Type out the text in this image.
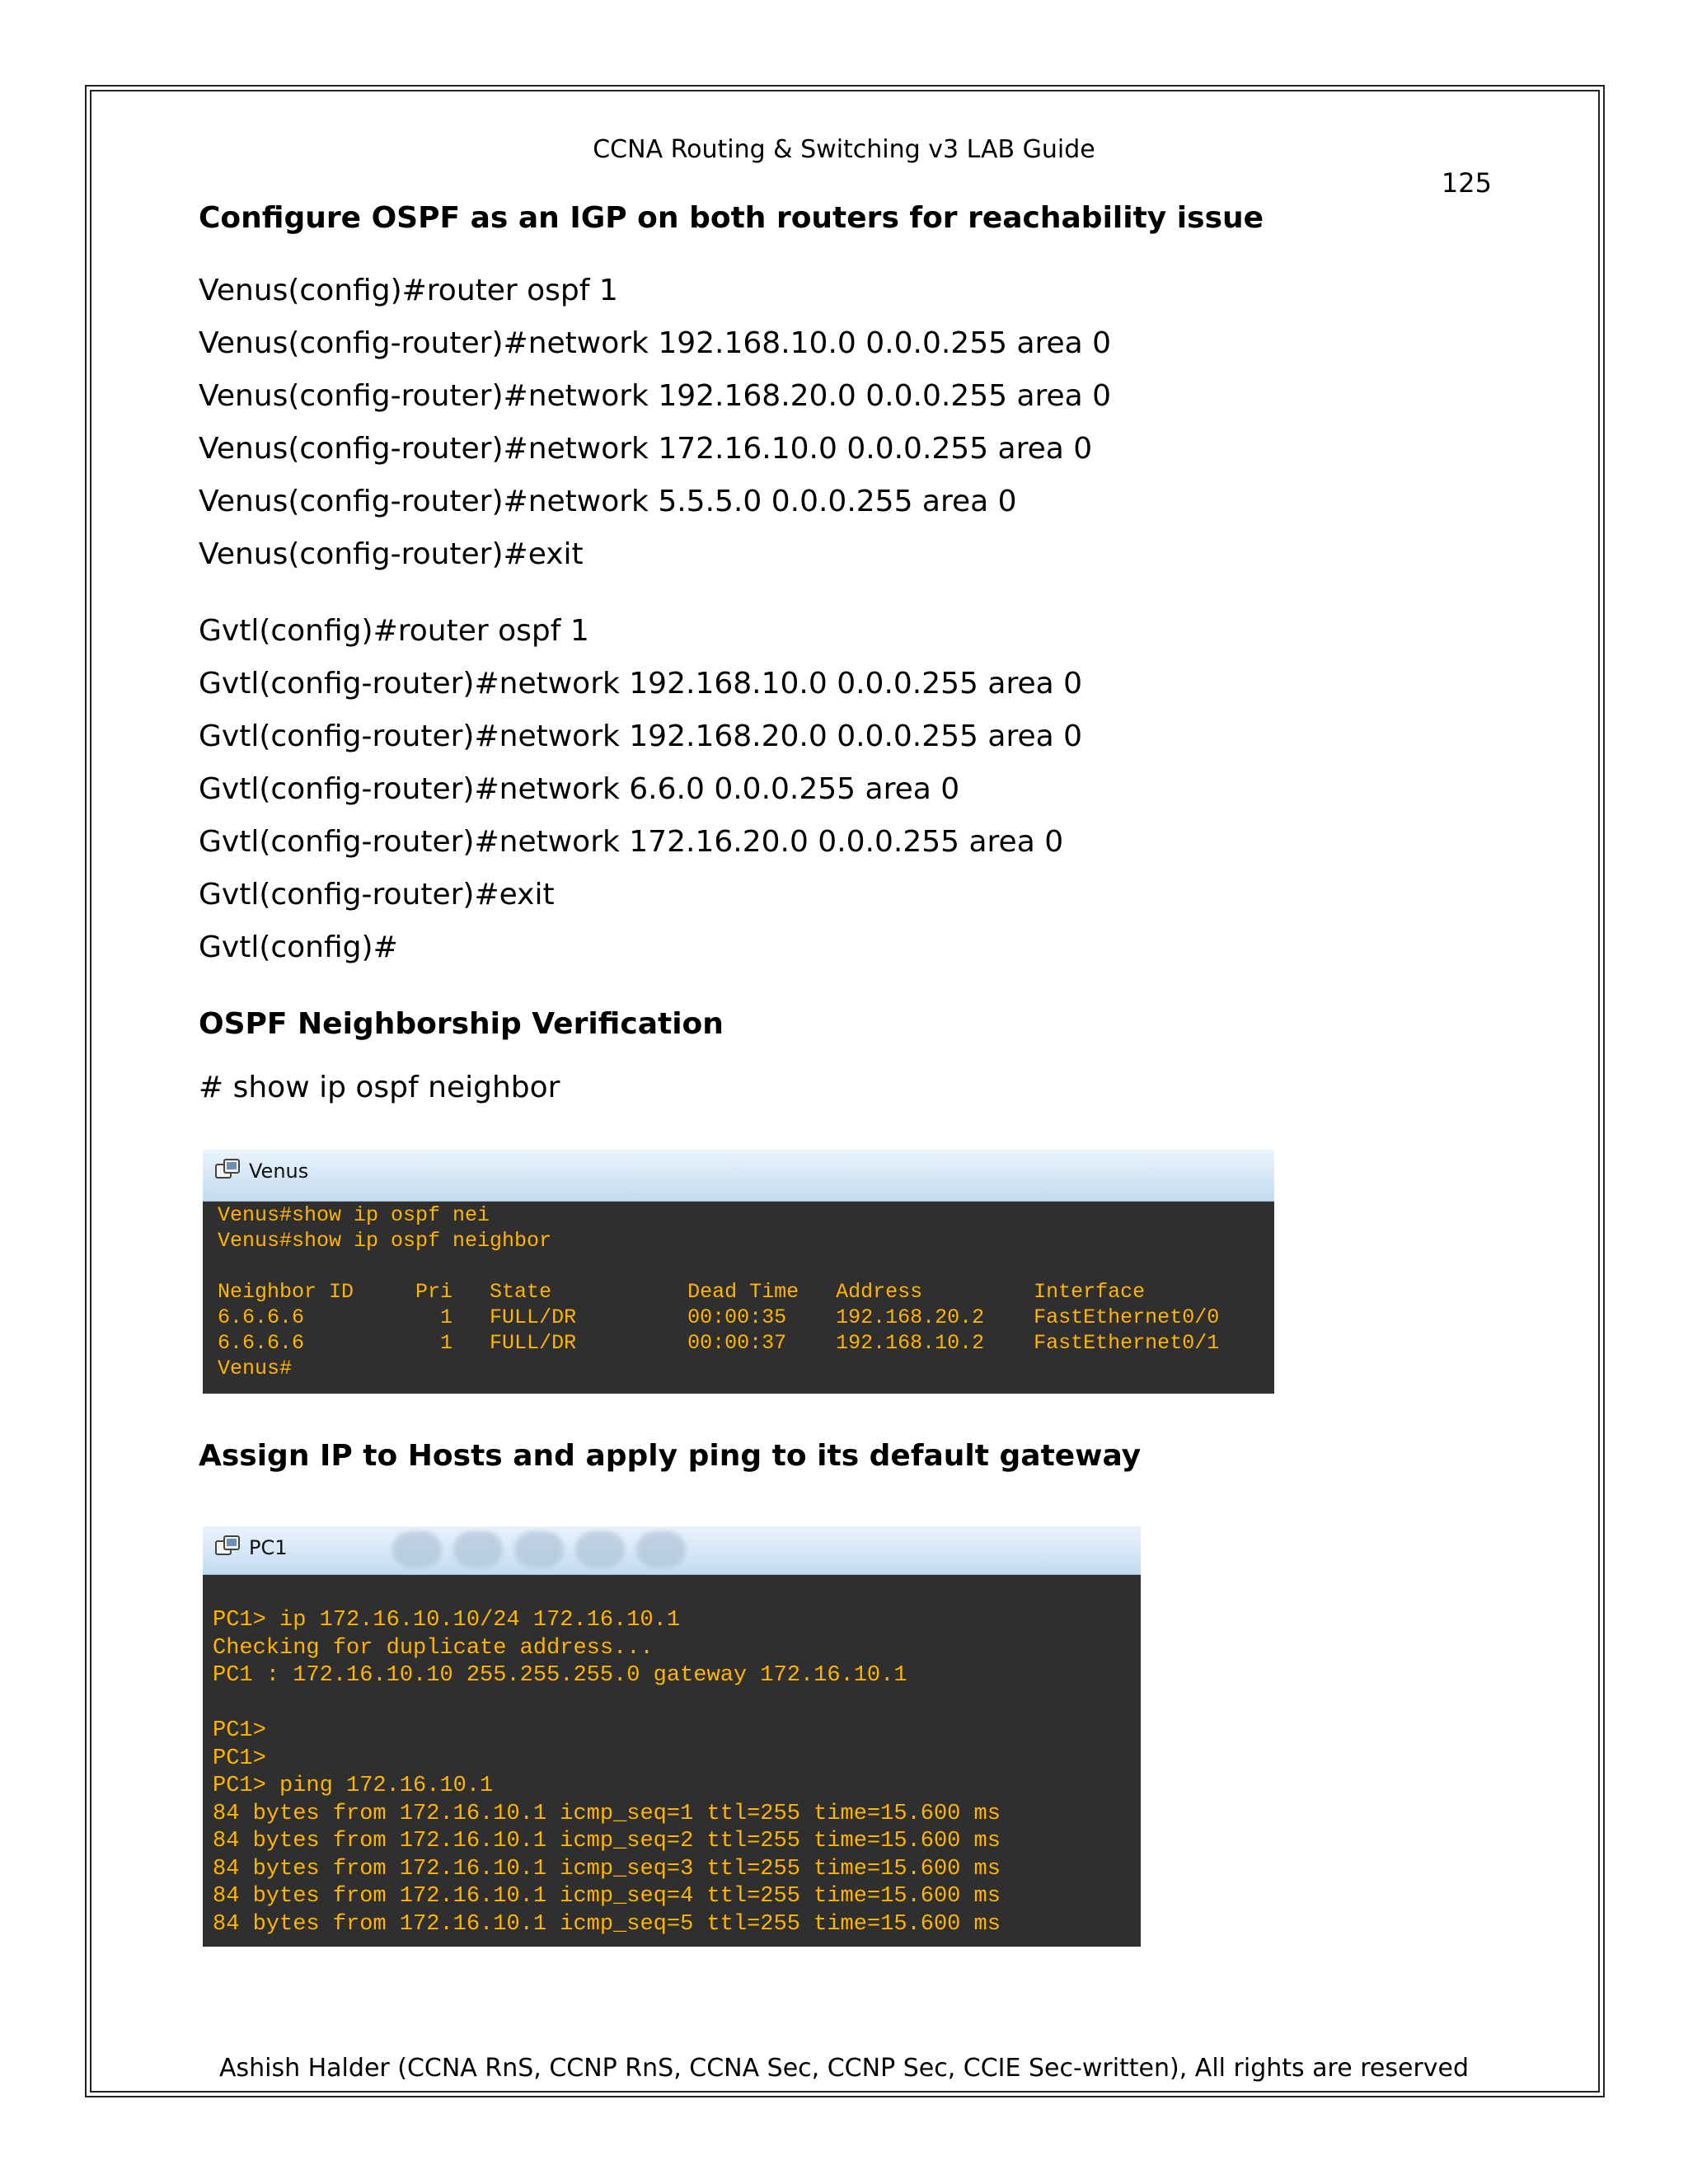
CCNA Routing & Switching v3 LAB Guide
125
Configure OSPF as an IGP on both routers for reachability issue
Venus(config)#router ospf 1
Venus(config-router)#network 192.168.10.0 0.0.0.255 area 0
Venus(config-router)#network 192.168.20.0 0.0.0.255 area 0
Venus(config-router)#network 172.16.10.0 0.0.0.255 area 0
Venus(config-router)#network 5.5.5.0 0.0.0.255 area 0
Venus(config-router)#exit
Gvtl(config)#router ospf 1
Gvtl(config-router)#network 192.168.10.0 0.0.0.255 area 0
Gvtl(config-router)#network 192.168.20.0 0.0.0.255 area 0
Gvtl(config-router)#network 6.6.0 0.0.0.255 area 0
Gvtl(config-router)#network 172.16.20.0 0.0.0.255 area 0
Gvtl(config-router)#exit
Gvtl(config)#
OSPF Neighborship Verification
# show ip ospf neighbor
Venus
Venus#show ip ospf nei
Venus#show ip ospf neighbor
Neighbor ID     Pri   State           Dead Time   Address         Interface
6.6.6.6           1   FULL/DR         00:00:35    192.168.20.2    FastEthernet0/0
6.6.6.6           1   FULL/DR         00:00:37    192.168.10.2    FastEthernet0/1
Venus#
Assign IP to Hosts and apply ping to its default gateway
PC1
PC1> ip 172.16.10.10/24 172.16.10.1
Checking for duplicate address...
PC1 : 172.16.10.10 255.255.255.0 gateway 172.16.10.1
PC1>
PC1>
PC1> ping 172.16.10.1
84 bytes from 172.16.10.1 icmp_seq=1 ttl=255 time=15.600 ms
84 bytes from 172.16.10.1 icmp_seq=2 ttl=255 time=15.600 ms
84 bytes from 172.16.10.1 icmp_seq=3 ttl=255 time=15.600 ms
84 bytes from 172.16.10.1 icmp_seq=4 ttl=255 time=15.600 ms
84 bytes from 172.16.10.1 icmp_seq=5 ttl=255 time=15.600 ms
Ashish Halder (CCNA RnS, CCNP RnS, CCNA Sec, CCNP Sec, CCIE Sec-written), All rights are reserved
